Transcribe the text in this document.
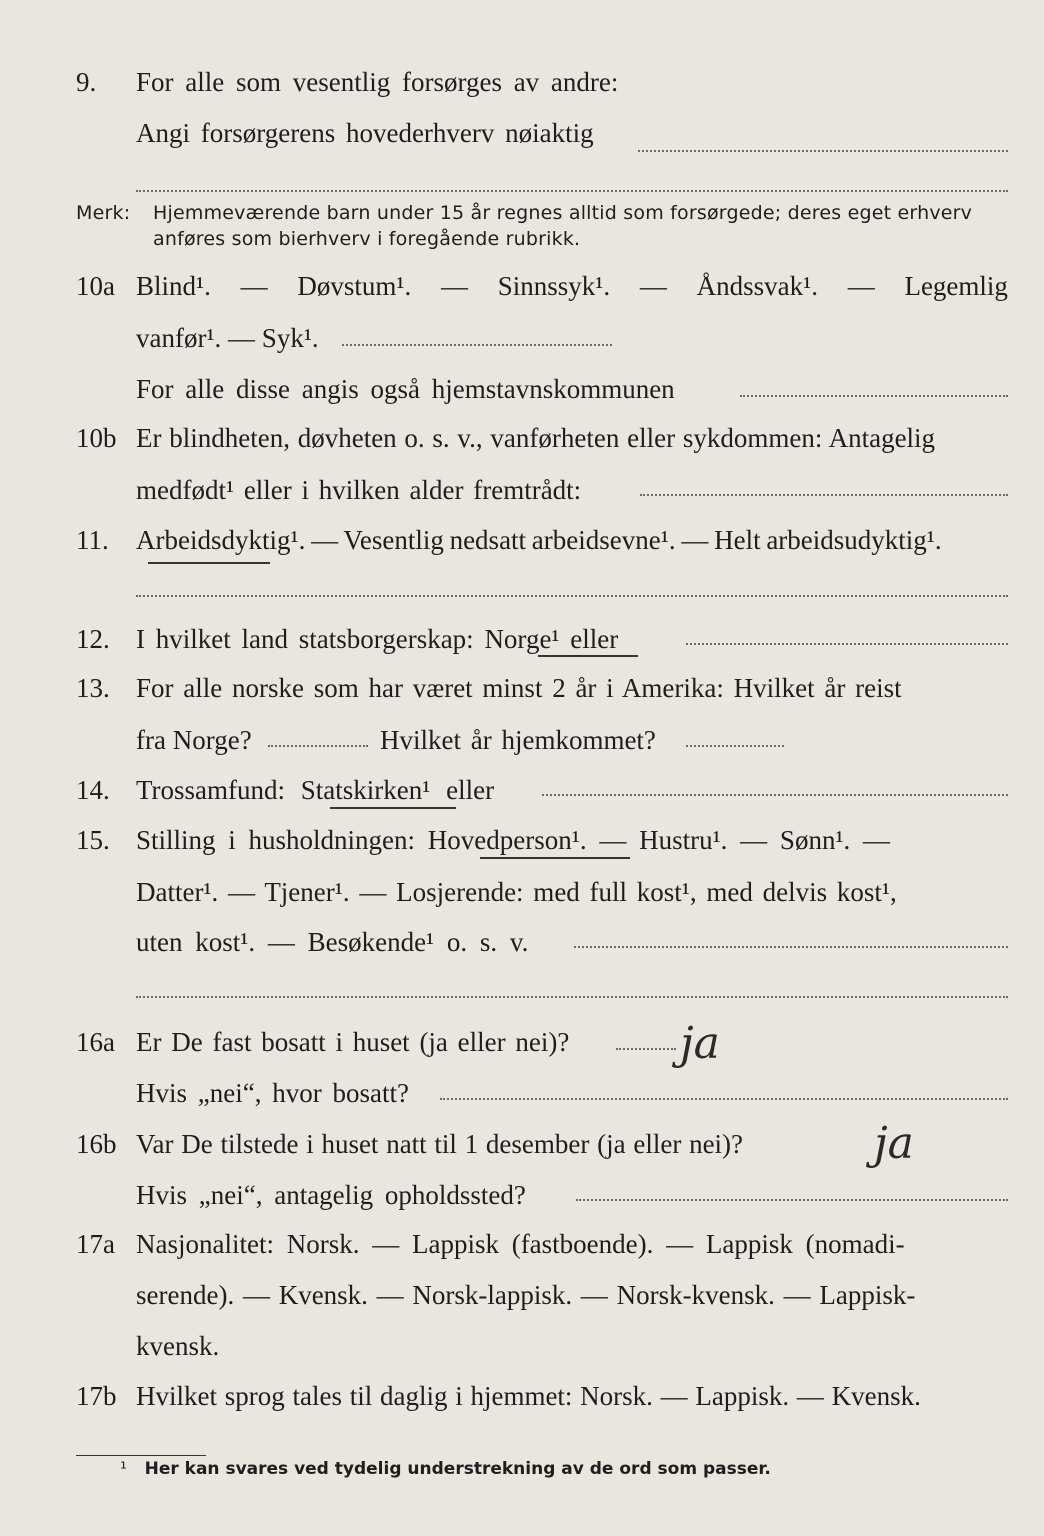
9. For alle som vesentlig forsørges av andre:
Angi forsørgerens hovederhverv nøiaktig
Merk: Hjemmeværende barn under 15 år regnes alltid som forsørgede; deres eget erhverv
anføres som bierhverv i foregående rubrikk.
10a Blind¹. — Døvstum¹. — Sinnssyk¹. — Åndssvak¹. — Legemlig
vanfør¹. — Syk¹.
For alle disse angis også hjemstavnskommunen
10b Er blindheten, døvheten o. s. v., vanførheten eller sykdommen: Antagelig
medfødt¹ eller i hvilken alder fremtrådt:
11. Arbeidsdyktig¹. — Vesentlig nedsatt arbeidsevne¹. — Helt arbeidsudyktig¹.
12. I hvilket land statsborgerskap: Norge¹ eller
13. For alle norske som har været minst 2 år i Amerika: Hvilket år reist
fra Norge?	Hvilket år hjemkommet?
14. Trossamfund: Statskirken¹ eller
15. Stilling i husholdningen: Hovedperson¹. — Hustru¹. — Sønn¹. —
Datter¹. — Tjener¹. — Losjerende: med full kost¹, med delvis kost¹,
uten kost¹. — Besøkende¹ o. s. v.
16a Er De fast bosatt i huset (ja eller nei)?	ja
Hvis „nei“, hvor bosatt?
16b Var De tilstede i huset natt til 1 desember (ja eller nei)?	ja
Hvis „nei“, antagelig opholdssted?
17a Nasjonalitet: Norsk. — Lappisk (fastboende). — Lappisk (nomadi-
serende). — Kvensk. — Norsk-lappisk. — Norsk-kvensk. — Lappisk-
kvensk.
17b Hvilket sprog tales til daglig i hjemmet: Norsk. — Lappisk. — Kvensk.
¹ Her kan svares ved tydelig understrekning av de ord som passer.
